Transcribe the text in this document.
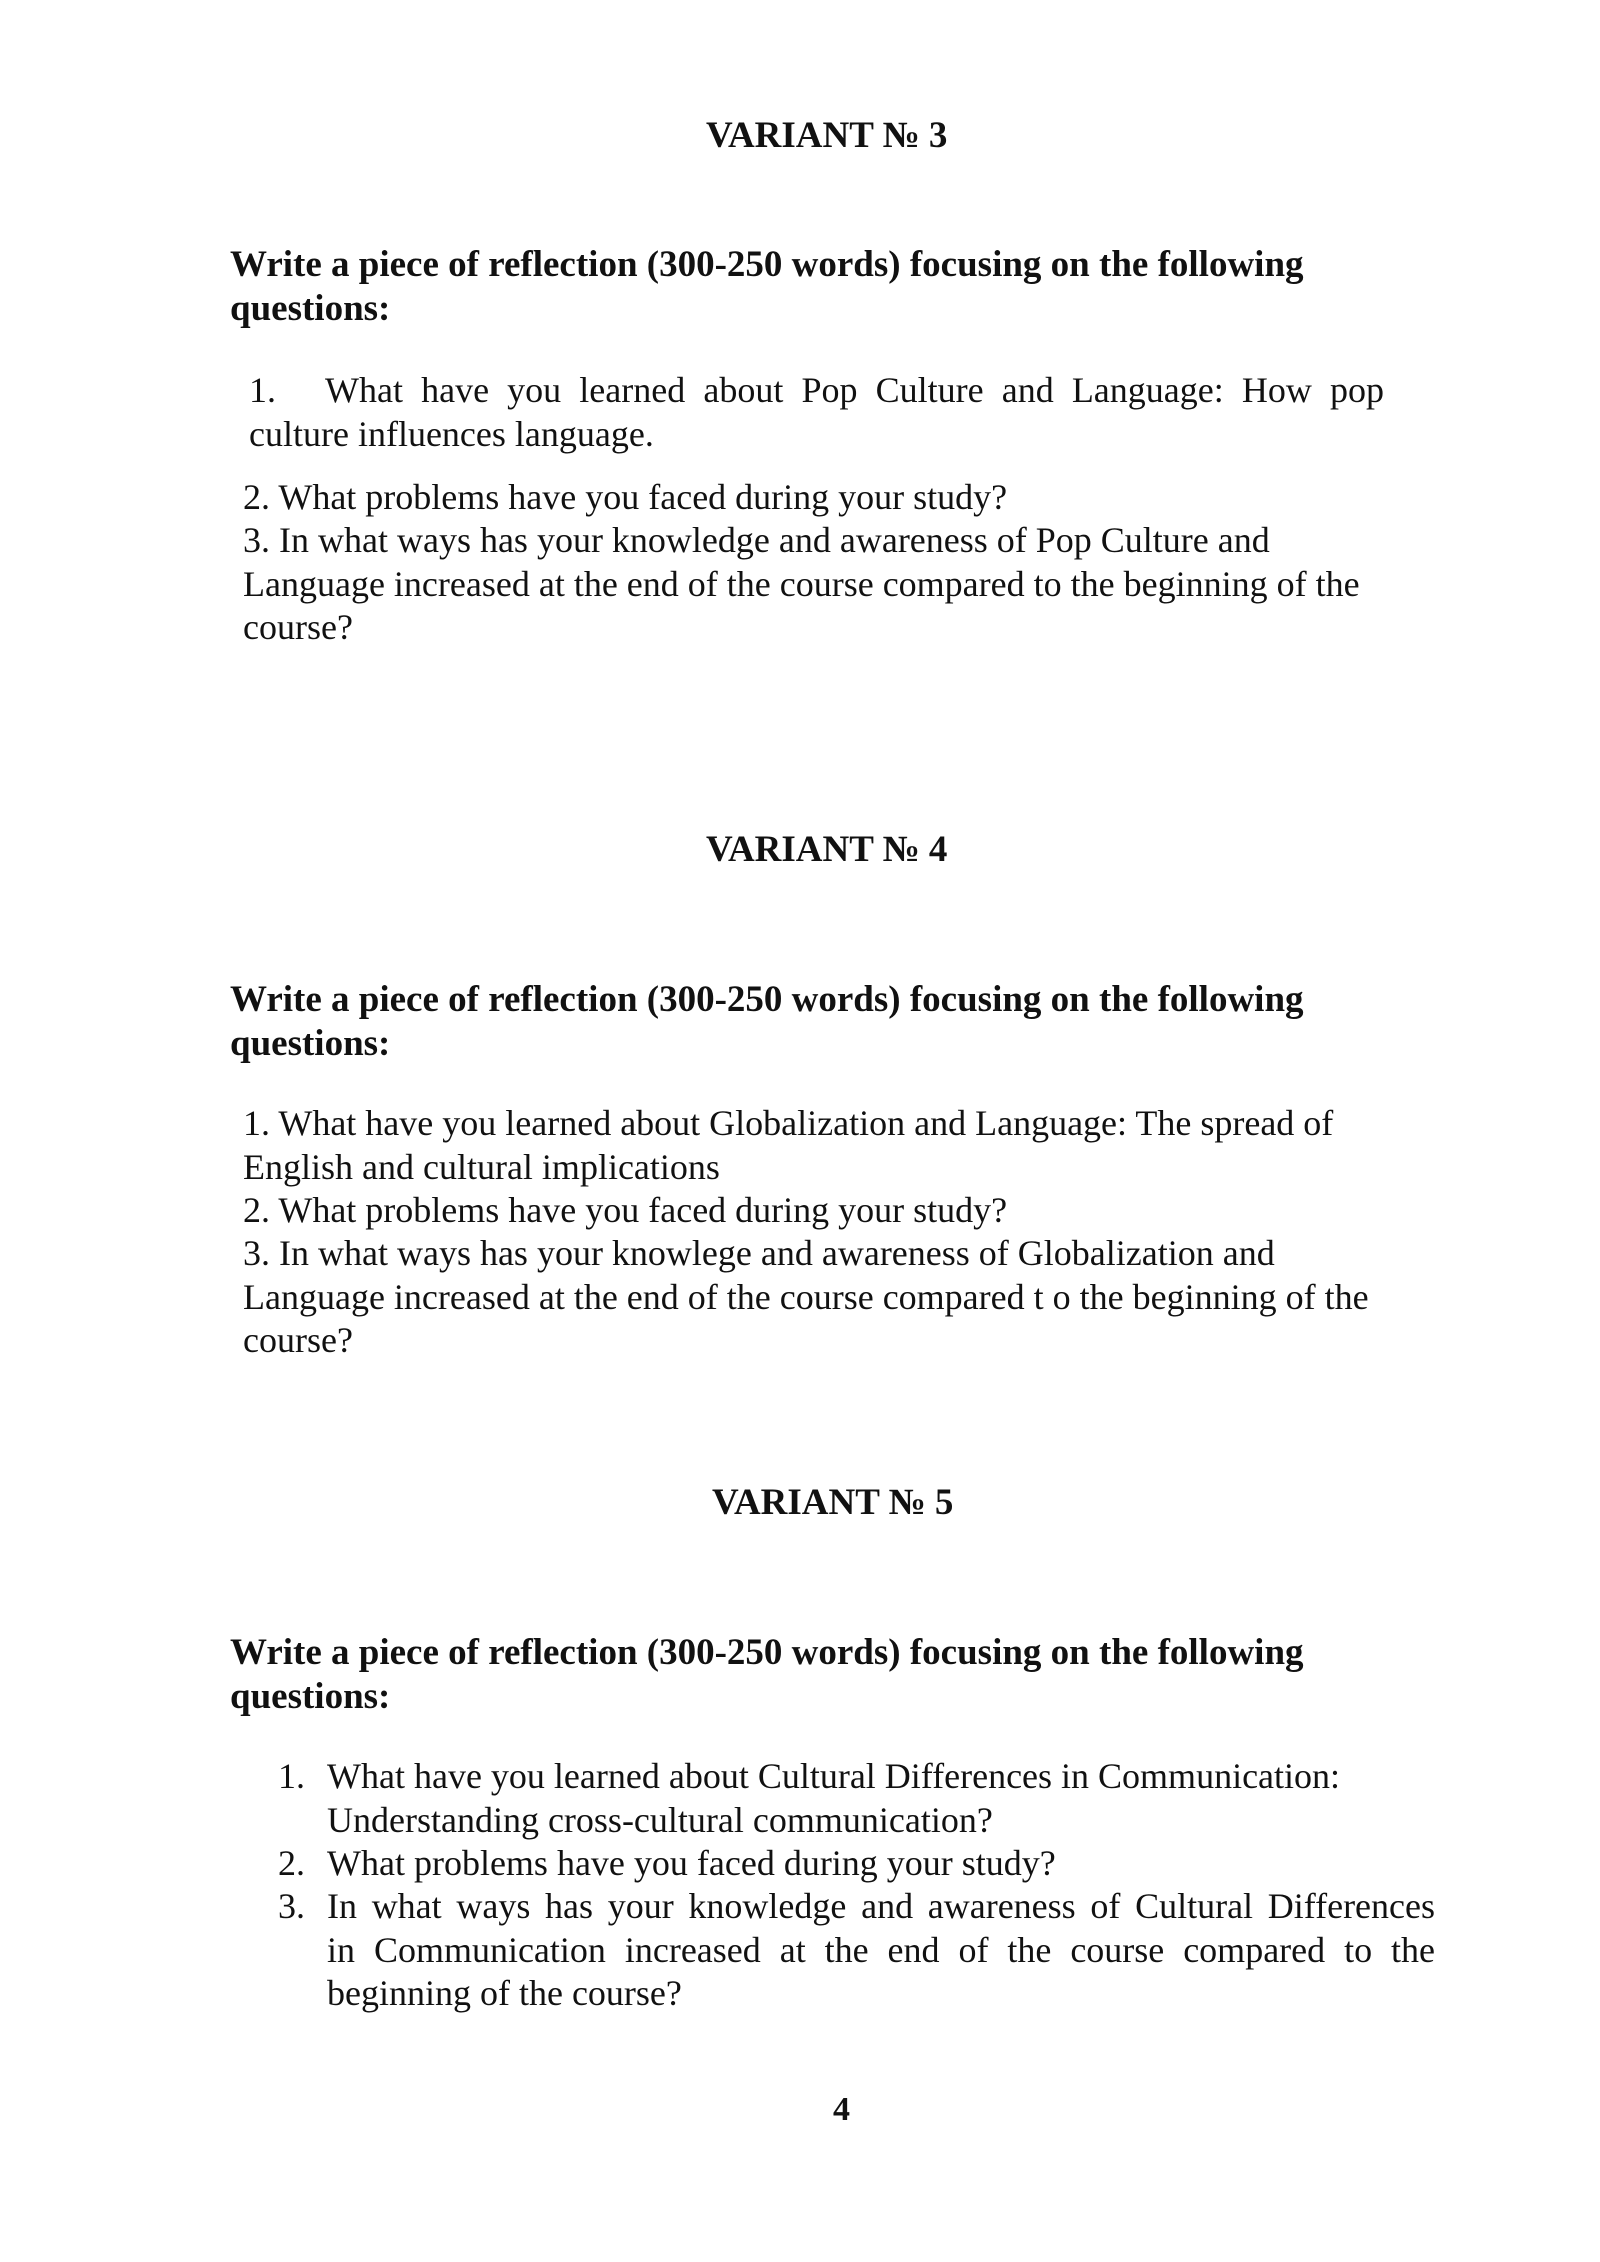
VARIANT № 3
Write a piece of reflection (300-250 words) focusing on the following questions:
1. What have you learned about Pop Culture and Language: How pop
culture influences language.
2. What problems have you faced during your study?
3. In what ways has your knowledge and awareness of Pop Culture and
Language increased at the end of the course compared to the beginning of the
course?
VARIANT № 4
Write a piece of reflection (300-250 words) focusing on the following questions:
1. What have you learned about Globalization and Language: The spread of
English and cultural implications
2. What problems have you faced during your study?
3. In what ways has your knowlege and awareness of Globalization and
Language increased at the end of the course compared t o the beginning of the
course?
VARIANT № 5
Write a piece of reflection (300-250 words) focusing on the following questions:
1. What have you learned about Cultural Differences in Communication:
Understanding cross-cultural communication?
2. What problems have you faced during your study?
3. In what ways has your knowledge and awareness of Cultural Differences
in Communication increased at the end of the course compared to the
beginning of the course?
4
